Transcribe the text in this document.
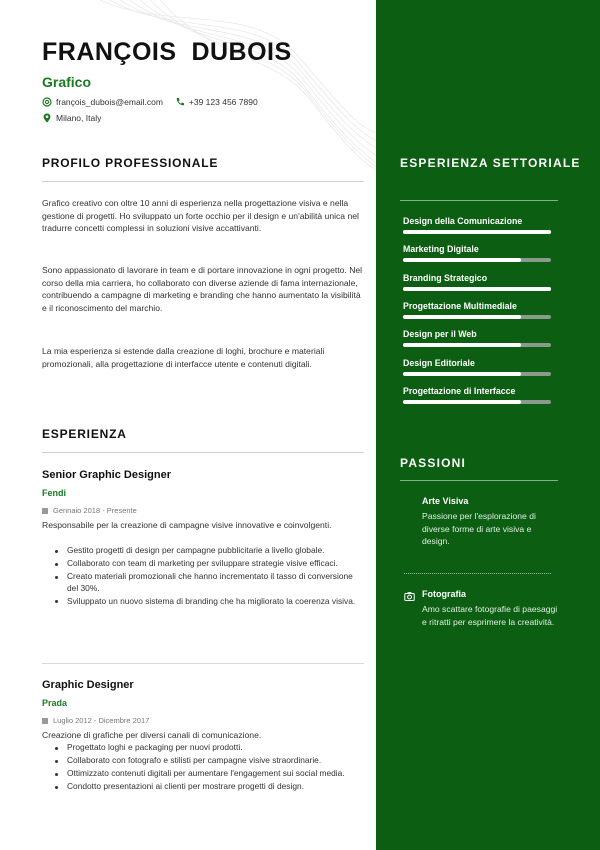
FRANÇOIS  DUBOIS

Grafico

françois_dubois@email.com	+39 123 456 7890
Milano, Italy
PROFILO PROFESSIONALE

Grafico creativo con oltre 10 anni di esperienza nella progettazione visiva e nella gestione di progetti. Ho sviluppato un forte occhio per il design e un'abilità unica nel tradurre concetti complessi in soluzioni visive accattivanti.

Sono appassionato di lavorare in team e di portare innovazione in ogni progetto. Nel corso della mia carriera, ho collaborato con diverse aziende di fama internazionale, contribuendo a campagne di marketing e branding che hanno aumentato la visibilità e il riconoscimento del marchio.

La mia esperienza si estende dalla creazione di loghi, brochure e materiali promozionali, alla progettazione di interfacce utente e contenuti digitali.

ESPERIENZA

Senior Graphic Designer

Fendi

Gennaio 2018 - Presente

Responsabile per la creazione di campagne visive innovative e coinvolgenti.

Gestito progetti di design per campagne pubblicitarie a livello globale.
Collaborato con team di marketing per sviluppare strategie visive efficaci.
Creato materiali promozionali che hanno incrementato il tasso di conversione del 30%.
Sviluppato un nuovo sistema di branding che ha migliorato la coerenza visiva.

Graphic Designer

Prada

Luglio 2012 - Dicembre 2017

Creazione di grafiche per diversi canali di comunicazione.

Progettato loghi e packaging per nuovi prodotti.
Collaborato con fotografo e stilisti per campagne visive straordinarie.
Ottimizzato contenuti digitali per aumentare l'engagement sui social media.
Condotto presentazioni ai clienti per mostrare progetti di design.
ESPERIENZA SETTORIALE

Design della Comunicazione

Marketing Digitale

Branding Strategico

Progettazione Multimediale

Design per il Web

Design Editoriale

Progettazione di Interfacce

PASSIONI

Arte Visiva

Passione per l'esplorazione di diverse forme di arte visiva e design.

Fotografia

Amo scattare fotografie di paesaggi e ritratti per esprimere la creatività.
